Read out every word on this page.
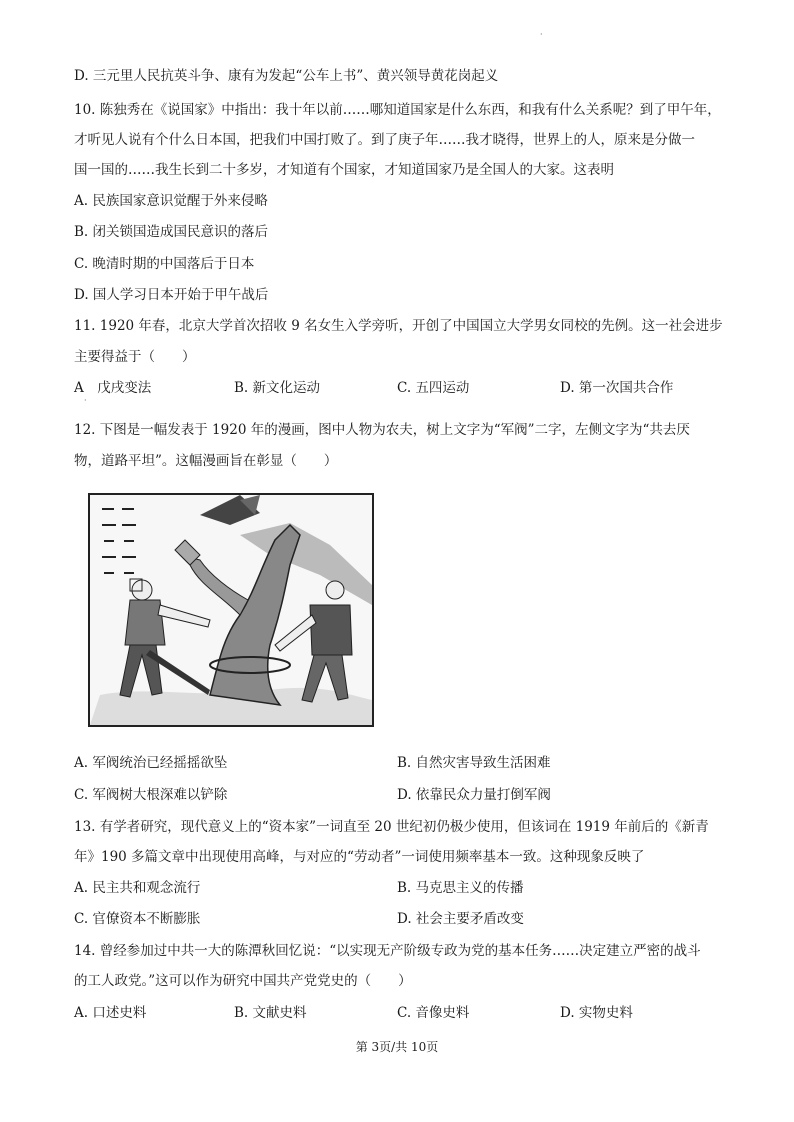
·
D. 三元里人民抗英斗争、康有为发起“公车上书”、黄兴领导黄花岗起义
10. 陈独秀在《说国家》中指出：我十年以前……哪知道国家是什么东西，和我有什么关系呢？到了甲午年，
才听见人说有个什么日本国，把我们中国打败了。到了庚子年……我才晓得，世界上的人，原来是分做一
国一国的……我生长到二十多岁，才知道有个国家，才知道国家乃是全国人的大家。这表明
A. 民族国家意识觉醒于外来侵略
B. 闭关锁国造成国民意识的落后
C. 晚清时期的中国落后于日本
D. 国人学习日本开始于甲午战后
11. 1920 年春，北京大学首次招收 9 名女生入学旁听，开创了中国国立大学男女同校的先例。这一社会进步
主要得益于（　　）
A　戊戌变法	B. 新文化运动	C. 五四运动	D. 第一次国共合作
·
12. 下图是一幅发表于 1920 年的漫画，图中人物为农夫，树上文字为“军阀”二字，左侧文字为“共去厌
物，道路平坦”。这幅漫画旨在彰显（　　）
A. 军阀统治已经摇摇欲坠	B. 自然灾害导致生活困难
C. 军阀树大根深难以铲除	D. 依靠民众力量打倒军阀
13. 有学者研究，现代意义上的“资本家”一词直至 20 世纪初仍极少使用，但该词在 1919 年前后的《新青
年》190 多篇文章中出现使用高峰，与对应的“劳动者”一词使用频率基本一致。这种现象反映了
A. 民主共和观念流行	B. 马克思主义的传播
C. 官僚资本不断膨胀	D. 社会主要矛盾改变
14. 曾经参加过中共一大的陈潭秋回忆说：“以实现无产阶级专政为党的基本任务……决定建立严密的战斗
的工人政党。”这可以作为研究中国共产党党史的（　　）
A. 口述史料	B. 文献史料	C. 音像史料	D. 实物史料
第 3页/共 10页
